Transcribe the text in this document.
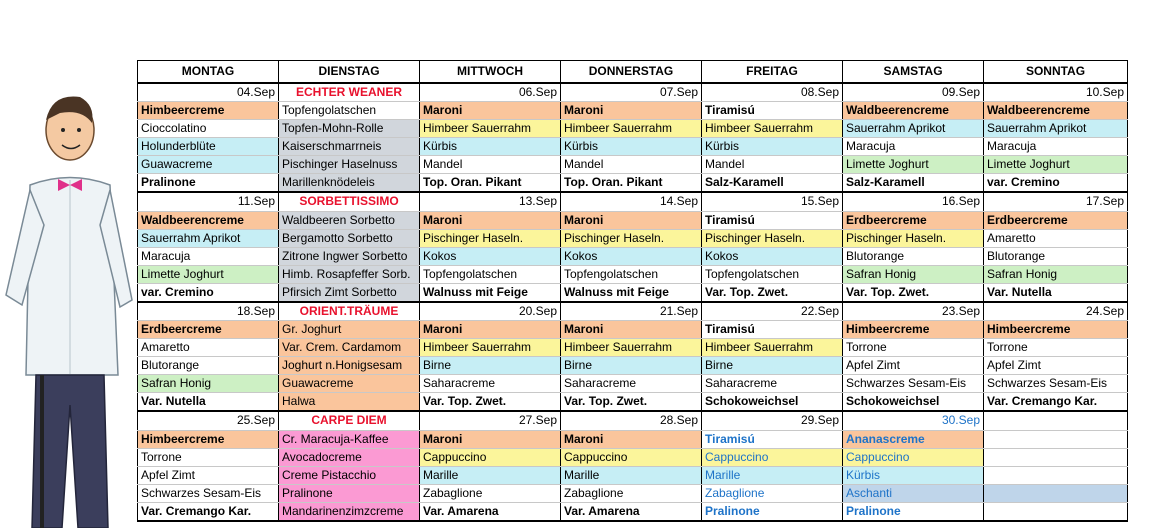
MONTAG	DIENSTAG	MITTWOCH	DONNERSTAG	FREITAG	SAMSTAG	SONNTAG
04.Sep	ECHTER WEANER	06.Sep	07.Sep	08.Sep	09.Sep	10.Sep
Himbeercreme	Topfengolatschen	Maroni	Maroni	Tiramisú	Waldbeerencreme	Waldbeerencreme
Cioccolatino	Topfen-Mohn-Rolle	Himbeer Sauerrahm	Himbeer Sauerrahm	Himbeer Sauerrahm	Sauerrahm Aprikot	Sauerrahm Aprikot
Holunderblüte	Kaiserschmarrneis	Kürbis	Kürbis	Kürbis	Maracuja	Maracuja
Guawacreme	Pischinger Haselnuss	Mandel	Mandel	Mandel	Limette Joghurt	Limette Joghurt
Pralinone	Marillenknödeleis	Top. Oran. Pikant	Top. Oran. Pikant	Salz-Karamell	Salz-Karamell	var. Cremino
11.Sep	SORBETTISSIMO	13.Sep	14.Sep	15.Sep	16.Sep	17.Sep
Waldbeerencreme	Waldbeeren Sorbetto	Maroni	Maroni	Tiramisú	Erdbeercreme	Erdbeercreme
Sauerrahm Aprikot	Bergamotto Sorbetto	Pischinger Haseln.	Pischinger Haseln.	Pischinger Haseln.	Pischinger Haseln.	Amaretto
Maracuja	Zitrone Ingwer Sorbetto	Kokos	Kokos	Kokos	Blutorange	Blutorange
Limette Joghurt	Himb. Rosapfeffer Sorb.	Topfengolatschen	Topfengolatschen	Topfengolatschen	Safran Honig	Safran Honig
var. Cremino	Pfirsich Zimt Sorbetto	Walnuss mit Feige	Walnuss mit Feige	Var. Top. Zwet.	Var. Top. Zwet.	Var. Nutella
18.Sep	ORIENT.TRÄUME	20.Sep	21.Sep	22.Sep	23.Sep	24.Sep
Erdbeercreme	Gr. Joghurt	Maroni	Maroni	Tiramisú	Himbeercreme	Himbeercreme
Amaretto	Var. Crem. Cardamom	Himbeer Sauerrahm	Himbeer Sauerrahm	Himbeer Sauerrahm	Torrone	Torrone
Blutorange	Joghurt n.Honigsesam	Birne	Birne	Birne	Apfel Zimt	Apfel Zimt
Safran Honig	Guawacreme	Saharacreme	Saharacreme	Saharacreme	Schwarzes Sesam-Eis	Schwarzes Sesam-Eis
Var. Nutella	Halwa	Var. Top. Zwet.	Var. Top. Zwet.	Schokoweichsel	Schokoweichsel	Var. Cremango Kar.
25.Sep	CARPE DIEM	27.Sep	28.Sep	29.Sep	30.Sep	
Himbeercreme	Cr. Maracuja-Kaffee	Maroni	Maroni	Tiramisú	Ananascreme	
Torrone	Avocadocreme	Cappuccino	Cappuccino	Cappuccino	Cappuccino	
Apfel Zimt	Creme Pistacchio	Marille	Marille	Marille	Kürbis	
Schwarzes Sesam-Eis	Pralinone	Zabaglione	Zabaglione	Zabaglione	Aschanti	
Var. Cremango Kar.	Mandarinenzimzcreme	Var. Amarena	Var. Amarena	Pralinone	Pralinone	
